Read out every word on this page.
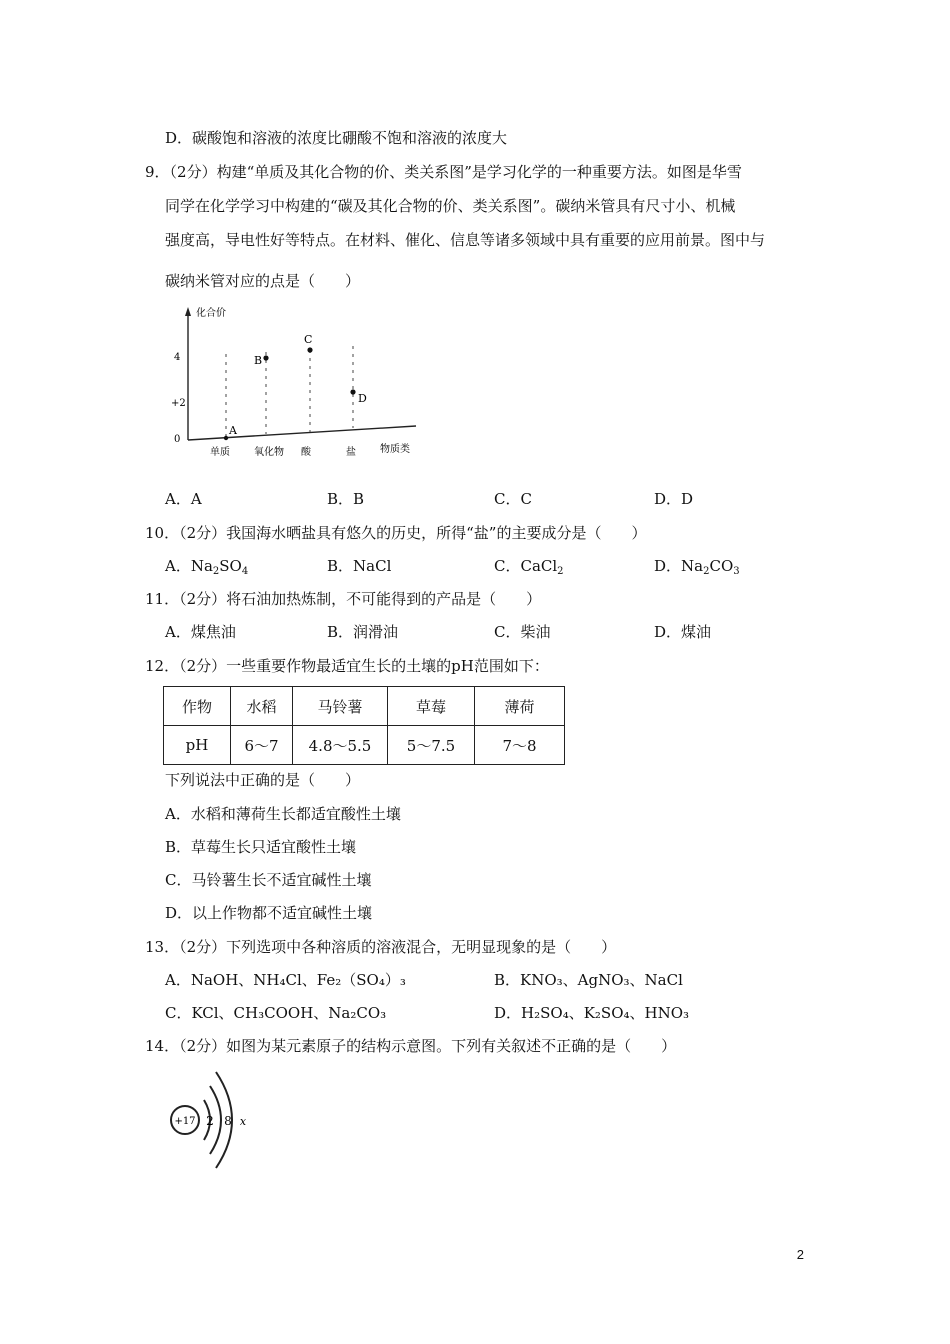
D．碳酸饱和溶液的浓度比硼酸不饱和溶液的浓度大
9．（2分）构建“单质及其化合物的价、类关系图”是学习化学的一种重要方法。如图是华雪
同学在化学学习中构建的“碳及其化合物的价、类关系图”。碳纳米管具有尺寸小、机械
强度高，导电性好等特点。在材料、催化、信息等诸多领域中具有重要的应用前景。图中与
碳纳米管对应的点是（　　）
化合价
4
+2
0
A
B
C
D
单质 氧化物 酸	盐 物质类
A．A	B．B	C．C	D．D
10．（2分）我国海水晒盐具有悠久的历史，所得“盐”的主要成分是（　　）
A．$Na_2SO_4$	B．NaCl	C．CaCl$_2$	D．$Na_2CO_3$
11．（2分）将石油加热炼制，不可能得到的产品是（　　）
A．煤焦油	B．润滑油	C．柴油	D．煤油
12．（2分）一些重要作物最适宜生长的土壤的pH范围如下：
作物	水稻	马铃薯	草莓	薄荷
pH	6～7	4.8～5.5	5～7.5	7～8
下列说法中正确的是（　　）
A．水稻和薄荷生长都适宜酸性土壤
B．草莓生长只适宜酸性土壤
C．马铃薯生长不适宜碱性土壤
D．以上作物都不适宜碱性土壤
13．（2分）下列选项中各种溶质的溶液混合，无明显现象的是（　　）
A．NaOH、NH₄Cl、Fe₂（SO₄）₃	B．KNO₃、AgNO₃、NaCl
C．KCl、CH₃COOH、Na₂CO₃	D．H₂SO₄、K₂SO₄、HNO₃
14．（2分）如图为某元素原子的结构示意图。下列有关叙述不正确的是（　　）
+17 2 8 x
2
